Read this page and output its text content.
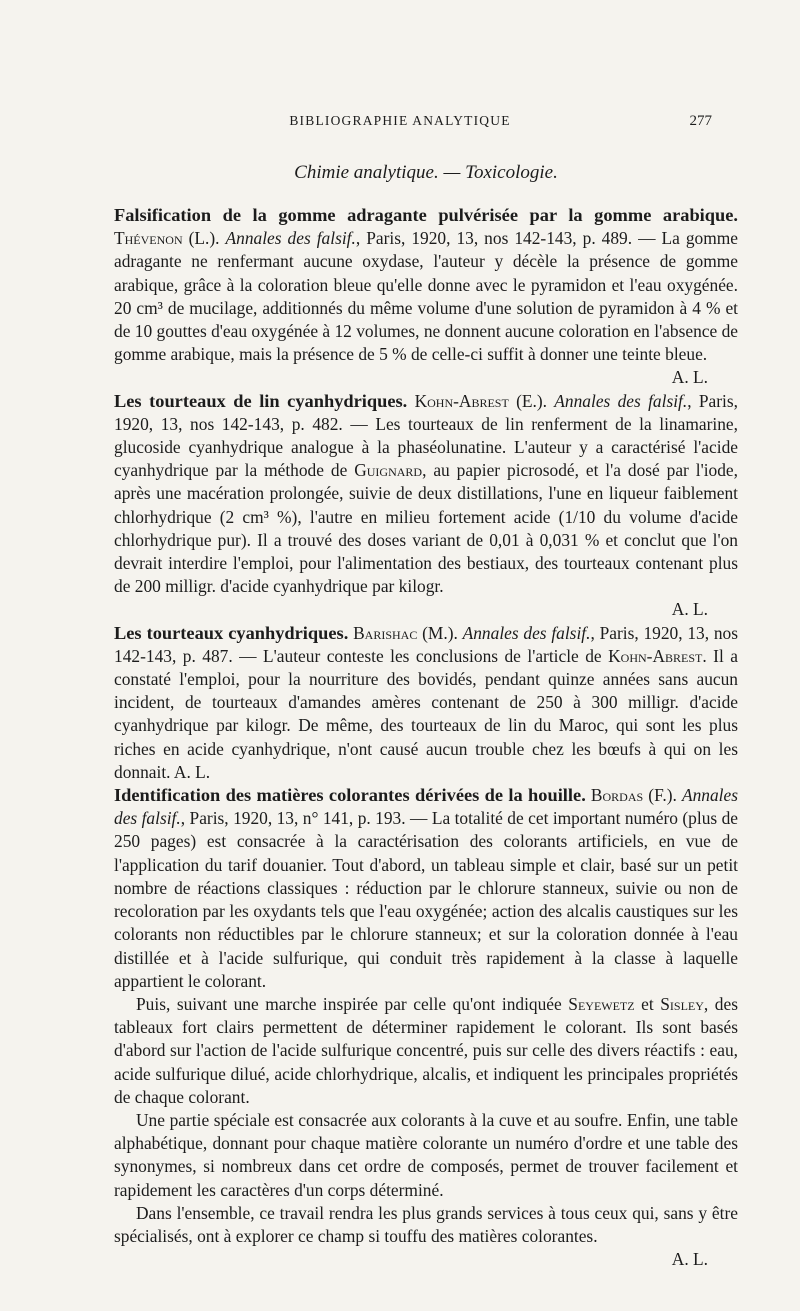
BIBLIOGRAPHIE ANALYTIQUE	277
Chimie analytique. — Toxicologie.

Falsification de la gomme adragante pulvérisée par la gomme arabique. Thévenon (L.). Annales des falsif., Paris, 1920, 13, nos 142-143, p. 489. — La gomme adragante ne renfermant aucune oxydase, l'auteur y décèle la présence de gomme arabique, grâce à la coloration bleue qu'elle donne avec le pyramidon et l'eau oxygénée. 20 cm³ de mucilage, additionnés du même volume d'une solution de pyramidon à 4 % et de 10 gouttes d'eau oxygénée à 12 volumes, ne donnent aucune coloration en l'absence de gomme arabique, mais la présence de 5 % de celle-ci suffit à donner une teinte bleue.
A. L.

Les tourteaux de lin cyanhydriques. Kohn-Abrest (E.). Annales des falsif., Paris, 1920, 13, nos 142-143, p. 482. — Les tourteaux de lin renferment de la linamarine, glucoside cyanhydrique analogue à la phaséolunatine. L'auteur y a caractérisé l'acide cyanhydrique par la méthode de Guignard, au papier picrosodé, et l'a dosé par l'iode, après une macération prolongée, suivie de deux distillations, l'une en liqueur faiblement chlorhydrique (2 cm³ %), l'autre en milieu fortement acide (1/10 du volume d'acide chlorhydrique pur). Il a trouvé des doses variant de 0,01 à 0,031 % et conclut que l'on devrait interdire l'emploi, pour l'alimentation des bestiaux, des tourteaux contenant plus de 200 milligr. d'acide cyanhydrique par kilogr.
A. L.

Les tourteaux cyanhydriques. Barishac (M.). Annales des falsif., Paris, 1920, 13, nos 142-143, p. 487. — L'auteur conteste les conclusions de l'article de Kohn-Abrest. Il a constaté l'emploi, pour la nourriture des bovidés, pendant quinze années sans aucun incident, de tourteaux d'amandes amères contenant de 250 à 300 milligr. d'acide cyanhydrique par kilogr. De même, des tourteaux de lin du Maroc, qui sont les plus riches en acide cyanhydrique, n'ont causé aucun trouble chez les bœufs à qui on les donnait. A. L.

Identification des matières colorantes dérivées de la houille. Bordas (F.). Annales des falsif., Paris, 1920, 13, n° 141, p. 193. — La totalité de cet important numéro (plus de 250 pages) est consacrée à la caractérisation des colorants artificiels, en vue de l'application du tarif douanier. Tout d'abord, un tableau simple et clair, basé sur un petit nombre de réactions classiques : réduction par le chlorure stanneux, suivie ou non de recoloration par les oxydants tels que l'eau oxygénée; action des alcalis caustiques sur les colorants non réductibles par le chlorure stanneux; et sur la coloration donnée à l'eau distillée et à l'acide sulfurique, qui conduit très rapidement à la classe à laquelle appartient le colorant.

Puis, suivant une marche inspirée par celle qu'ont indiquée Seyewetz et Sisley, des tableaux fort clairs permettent de déterminer rapidement le colorant. Ils sont basés d'abord sur l'action de l'acide sulfurique concentré, puis sur celle des divers réactifs : eau, acide sulfurique dilué, acide chlorhydrique, alcalis, et indiquent les principales propriétés de chaque colorant.

Une partie spéciale est consacrée aux colorants à la cuve et au soufre. Enfin, une table alphabétique, donnant pour chaque matière colorante un numéro d'ordre et une table des synonymes, si nombreux dans cet ordre de composés, permet de trouver facilement et rapidement les caractères d'un corps déterminé.

Dans l'ensemble, ce travail rendra les plus grands services à tous ceux qui, sans y être spécialisés, ont à explorer ce champ si touffu des matières colorantes.
A. L.
